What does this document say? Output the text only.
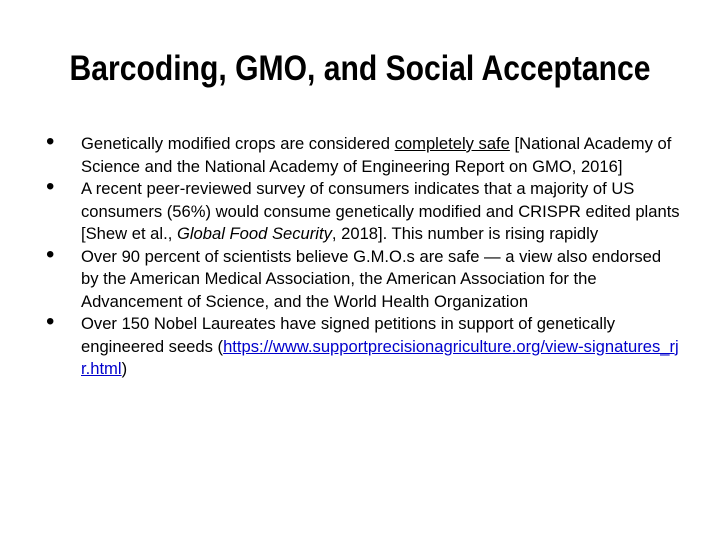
Barcoding, GMO, and Social Acceptance
• Genetically modified crops are considered completely safe [National Academy of Science and the National Academy of Engineering Report on GMO, 2016]
• A recent peer-reviewed survey of consumers indicates that a majority of US consumers (56%) would consume genetically modified and CRISPR edited plants [Shew et al., Global Food Security, 2018]. This number is rising rapidly
• Over 90 percent of scientists believe G.M.O.s are safe — a view also endorsed by the American Medical Association, the American Association for the Advancement of Science, and the World Health Organization
• Over 150 Nobel Laureates have signed petitions in support of genetically engineered seeds (https://www.supportprecisionagriculture.org/view-signatures_rjr.html)
